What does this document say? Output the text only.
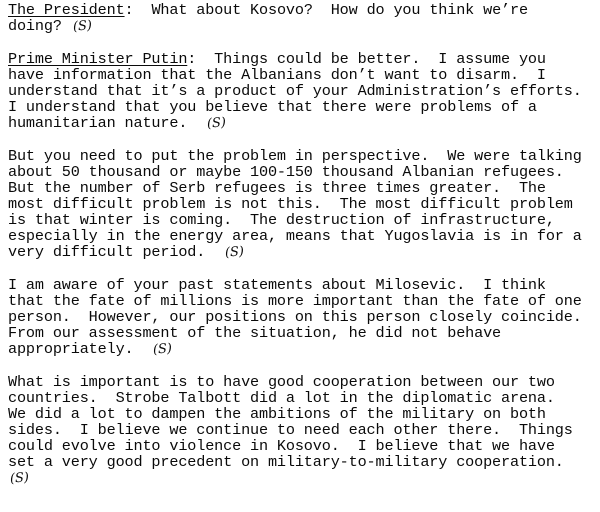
The President:  What about Kosovo?  How do you think we’re
doing? (S)

Prime Minister Putin:  Things could be better.  I assume you
have information that the Albanians don’t want to disarm.  I
understand that it’s a product of your Administration’s efforts.
I understand that you believe that there were problems of a
humanitarian nature. (S)

But you need to put the problem in perspective.  We were talking
about 50 thousand or maybe 100-150 thousand Albanian refugees.
But the number of Serb refugees is three times greater.  The
most difficult problem is not this.  The most difficult problem
is that winter is coming.  The destruction of infrastructure,
especially in the energy area, means that Yugoslavia is in for a
very difficult period. (S)

I am aware of your past statements about Milosevic.  I think
that the fate of millions is more important than the fate of one
person.  However, our positions on this person closely coincide.
From our assessment of the situation, he did not behave
appropriately. (S)

What is important is to have good cooperation between our two
countries.  Strobe Talbott did a lot in the diplomatic arena.
We did a lot to dampen the ambitions of the military on both
sides.  I believe we continue to need each other there.  Things
could evolve into violence in Kosovo.  I believe that we have
set a very good precedent on military-to-military cooperation.
(S)
